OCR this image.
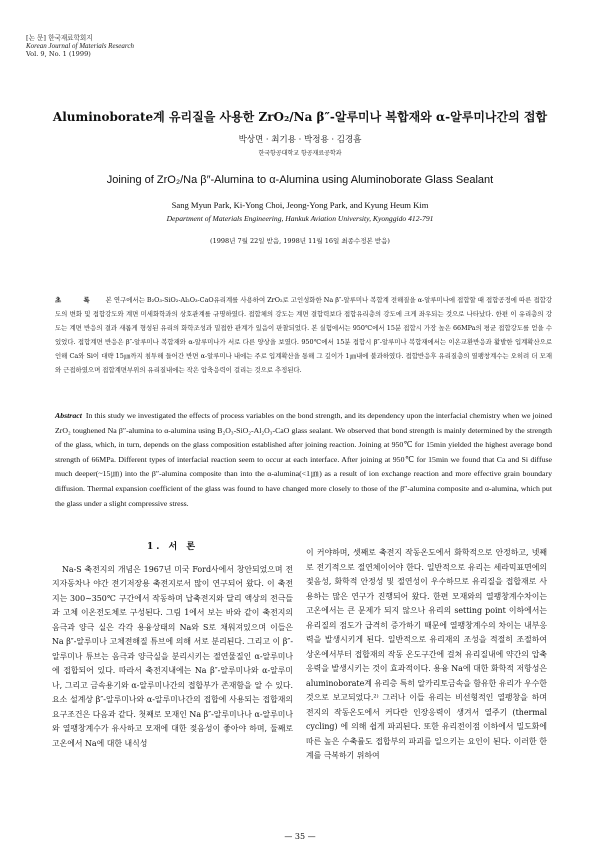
[논 문] 한국재료학회지
Korean Journal of Materials Research
Vol. 9, No. 1 (1999)
Aluminoborate계 유리질을 사용한 ZrO₂/Na β″-알루미나 복합재와 α-알루미나간의 접합
박상면 · 최기용 · 박정용 · 김경흠
한국항공대학교 항공재료공학과
Joining of ZrO₂/Na β″-Alumina to α-Alumina using Aluminoborate Glass Sealant
Sang Myun Park, Ki-Yong Choi, Jeong-Yong Park, and Kyung Heum Kim
Department of Materials Engineering, Hankuk Aviation University, Kyonggido 412-791
(1998년 7월 22일 받음, 1998년 11월 16일 최종수정본 받음)
초 록 본 연구에서는 B₂O₃-SiO₂-Al₂O₃-CaO유리계를 사용하여 ZrO₂로 고인성화한 Na β″-알루미나 복합계 전해질을 α-알루미나에 접합할 때 접합공정에 따른 접합강도의 변화 및 접합강도와 계면 미세화학과의 상호관계를 규명하였다. 접합체의 강도는 계면 결합력보다 접합유리층의 강도에 크게 좌우되는 것으로 나타났다. 한편 이 유리층의 강도는 계면 반응의 결과 새롭게 형성된 유리의 화학조성과 밀접한 관계가 있음이 판찰되었다. 본 실험에서는 950℃에서 15분 접합시 가장 높은 66MPa의 평균 접합강도를 얻을 수 있었다. 접합계면 반응은 β″-알루미나 복합재와 α-알루미나가 서로 다른 양상을 보였다. 950℃에서 15분 접합시 β″-알루미나 복합재에서는 이온교환반응과 활발한 입계확산으로 인해 Ca와 Si이 대략 15㎛까지 침투해 들어간 반면 α-알루미나 내에는 주로 입계확산을 통해 그 깊이가 1㎛내에 불과하였다. 접합반응후 유리질층의 열팽창계수는 오히려 더 모재와 근접하였으며 접합계면부위의 유리질내에는 작은 압축응력이 걸리는 것으로 추정된다.
Abstract In this study we investigated the effects of process variables on the bond strength, and its dependency upon the interfacial chemistry when we joined ZrO₂ toughened Na β″-alumina to α-alumina using B₂O₃-SiO₂-Al₂O₃-CaO glass sealant. We observed that bond strength is mainly determined by the strength of the glass, which, in turn, depends on the glass composition established after joining reaction. Joining at 950℃ for 15min yielded the highest average bond strength of 66MPa. Different types of interfacial reaction seem to occur at each interface. After joining at 950℃ for 15min we found that Ca and Si diffuse much deeper(~15㎛) into the β″-alumina composite than into the α-alumina(<1㎛) as a result of ion exchange reaction and more effective grain boundary diffusion. Thermal expansion coefficient of the glass was found to have changed more closely to those of the β″-alumina composite and α-alumina, which put the glass under a slight compressive stress.
1. 서 론

Na-S 축전지의 개념은 1967년 미국 Ford사에서 창안되었으며 전지자동차나 야간 전기저장용 축전지로서 많이 연구되어 왔다. 이 축전지는 300~350℃ 구간에서 작동하며 납축전지와 달리 액상의 전극들과 고체 이온전도체로 구성된다. 그림 1에서 보는 바와 같이 축전지의 음극과 양극 실은 각각 용융상태의 Na와 S로 채워져있으며 이들은 Na β″-알루미나 고체전해질 튜브에 의해 서로 분리된다. 그리고 이 β″-알루미나 튜브는 음극과 양극실을 분리시키는 절연물질인 α-알루미나에 접합되어 있다. 따라서 축전지내에는 Na β″-알루미나와 α-알루미나, 그리고 금속용기와 α-알루미나간의 접합부가 존재함을 알 수 있다. 요소 설계상 β″-알루미나와 α-알루미나간의 접합에 사용되는 접합재의 요구조건은 다음과 같다. 첫째로 모재인 Na β″-알루미나나 α-알루미나와 열팽창계수가 유사하고 모재에 대한 젖음성이 좋아야 하며, 둘째로 고온에서 Na에 대한 내식성

이 커야하며, 셋째로 축전지 작동온도에서 화학적으로 안정하고, 넷째로 전기적으로 절연체이어야 한다. 일반적으로 유리는 세라믹표면에의 젖음성, 화학적 안정성 및 절연성이 우수하므로 유리질을 접합재로 사용하는 많은 연구가 진행되어 왔다. 한편 모재와의 열팽창계수차이는 고온에서는 큰 문제가 되지 않으나 유리의 setting point 이하에서는 유리질의 점도가 급격히 증가하기 때문에 열팽창계수의 차이는 내부응력을 발생시키게 된다. 일반적으로 유리재의 조성을 적절히 조절하여 상온에서부터 접합재의 작동 온도구간에 걸쳐 유리질내에 약간의 압축응력을 발생시키는 것이 효과적이다. 용융 Na에 대한 화학적 저항성은 aluminoborate계 유리층 특히 알카리토금속을 함유한 유리가 우수한 것으로 보고되었다.²⁾ 그러나 이들 유리는 비선형적인 열팽창을 하며 전지의 작동온도에서 커다란 인장응력이 생겨서 열주기 (thermal cycling) 에 의해 쉽게 파괴된다. 또한 유리전이점 이하에서 밀도화에 따른 높은 수축률도 접합부의 파괴를 일으키는 요인이 된다. 이러한 한계를 극복하기 위하여

— 35 —
